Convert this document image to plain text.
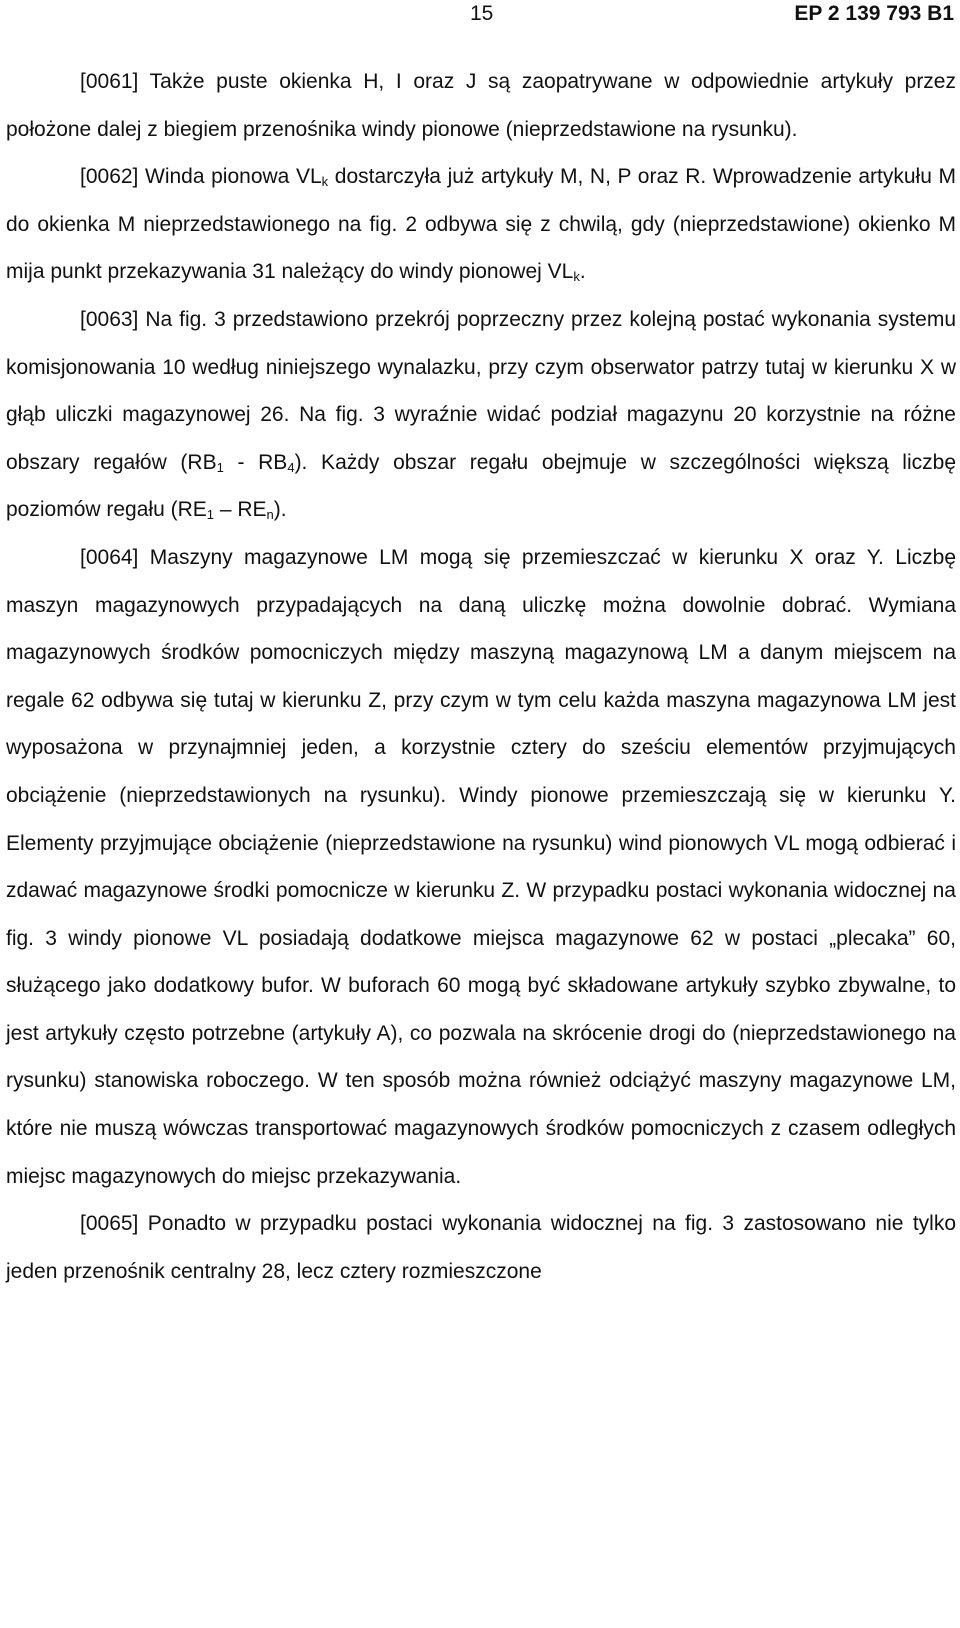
15	EP 2 139 793 B1

[0061] Także puste okienka H, I oraz J są zaopatrywane w odpowiednie artykuły przez położone dalej z biegiem przenośnika windy pionowe (nieprzedstawione na rysunku).

[0062] Winda pionowa $VL_k$ dostarczyła już artykuły M, N, P oraz R. Wprowadzenie artykułu M do okienka M nieprzedstawionego na fig. 2 odbywa się z chwilą, gdy (nieprzedstawione) okienko M mija punkt przekazywania 31 należący do windy pionowej $VL_k$.

[0063] Na fig. 3 przedstawiono przekrój poprzeczny przez kolejną postać wykonania systemu komisjonowania 10 według niniejszego wynalazku, przy czym obserwator patrzy tutaj w kierunku X w głąb uliczki magazynowej 26. Na fig. 3 wyraźnie widać podział magazynu 20 korzystnie na różne obszary regałów $(RB_1 - RB_4)$. Każdy obszar regału obejmuje w szczególności większą liczbę poziomów regału $(RE_1 - RE_n)$.

[0064] Maszyny magazynowe LM mogą się przemieszczać w kierunku X oraz Y. Liczbę maszyn magazynowych przypadających na daną uliczkę można dowolnie dobrać. Wymiana magazynowych środków pomocniczych między maszyną magazynową LM a danym miejscem na regale 62 odbywa się tutaj w kierunku Z, przy czym w tym celu każda maszyna magazynowa LM jest wyposażona w przynajmniej jeden, a korzystnie cztery do sześciu elementów przyjmujących obciążenie (nieprzedstawionych na rysunku). Windy pionowe przemieszczają się w kierunku Y. Elementy przyjmujące obciążenie (nieprzedstawione na rysunku) wind pionowych VL mogą odbierać i zdawać magazynowe środki pomocnicze w kierunku Z. W przypadku postaci wykonania widocznej na fig. 3 windy pionowe VL posiadają dodatkowe miejsca magazynowe 62 w postaci „plecaka” 60, służącego jako dodatkowy bufor. W buforach 60 mogą być składowane artykuły szybko zbywalne, to jest artykuły często potrzebne (artykuły A), co pozwala na skrócenie drogi do (nieprzedstawionego na rysunku) stanowiska roboczego. W ten sposób można również odciążyć maszyny magazynowe LM, które nie muszą wówczas transportować magazynowych środków pomocniczych z czasem odległych miejsc magazynowych do miejsc przekazywania.

[0065] Ponadto w przypadku postaci wykonania widocznej na fig. 3 zastosowano nie tylko jeden przenośnik centralny 28, lecz cztery rozmieszczone
